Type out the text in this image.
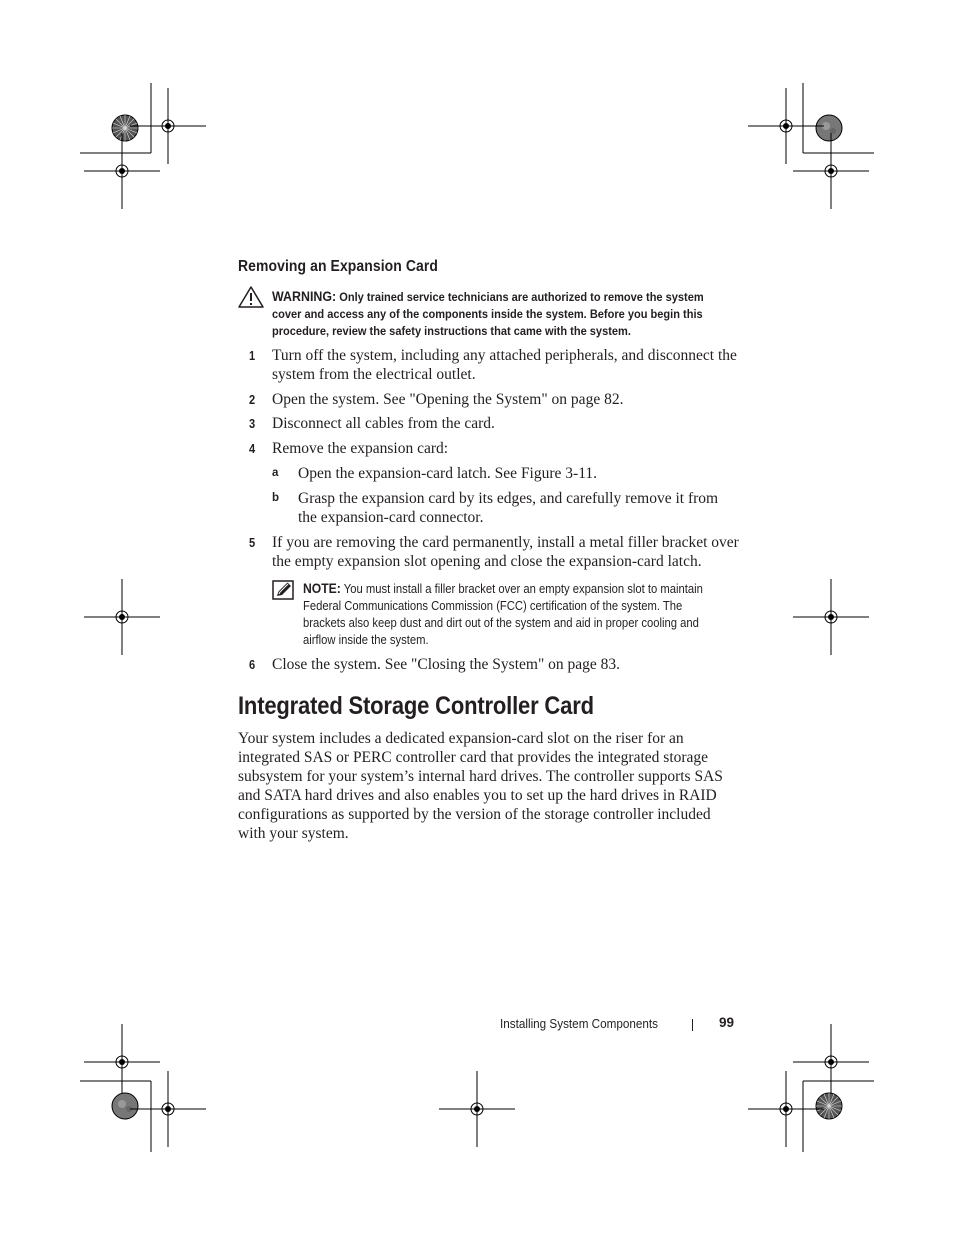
Removing an Expansion Card
WARNING: Only trained service technicians are authorized to remove the system cover and access any of the components inside the system. Before you begin this procedure, review the safety instructions that came with the system.
1 Turn off the system, including any attached peripherals, and disconnect the system from the electrical outlet.
2 Open the system. See "Opening the System" on page 82.
3 Disconnect all cables from the card.
4 Remove the expansion card:
a Open the expansion-card latch. See Figure 3-11.
b Grasp the expansion card by its edges, and carefully remove it from the expansion-card connector.
5 If you are removing the card permanently, install a metal filler bracket over the empty expansion slot opening and close the expansion-card latch.
NOTE: You must install a filler bracket over an empty expansion slot to maintain Federal Communications Commission (FCC) certification of the system. The brackets also keep dust and dirt out of the system and aid in proper cooling and airflow inside the system.
6 Close the system. See "Closing the System" on page 83.
Integrated Storage Controller Card

Your system includes a dedicated expansion-card slot on the riser for an integrated SAS or PERC controller card that provides the integrated storage subsystem for your system’s internal hard drives. The controller supports SAS and SATA hard drives and also enables you to set up the hard drives in RAID configurations as supported by the version of the storage controller included with your system.

Installing System Components	99
